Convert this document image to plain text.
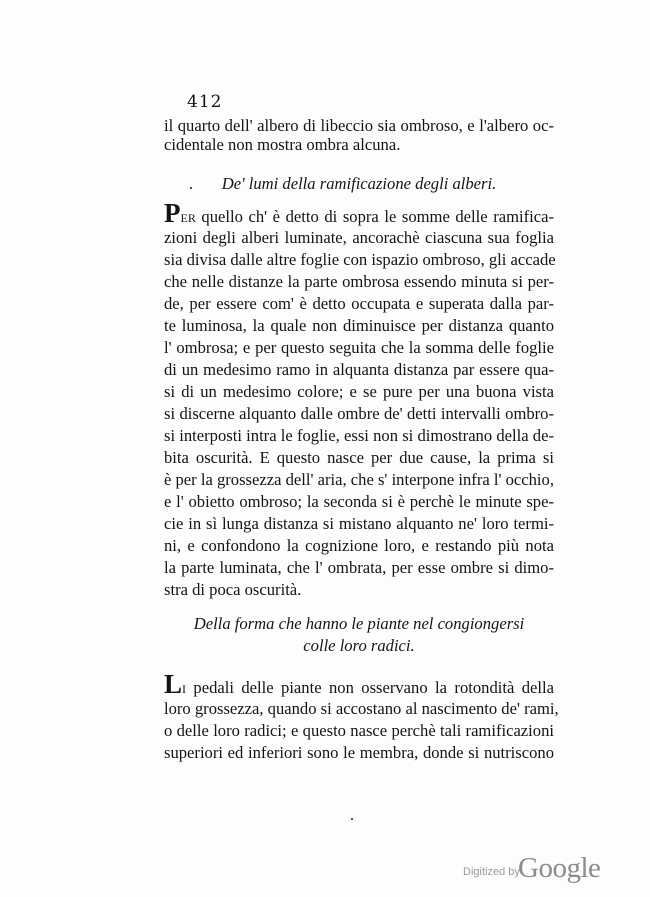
412
il quarto dell' albero di libeccio sia ombroso, e l'albero oc-
cidentale non mostra ombra alcuna.
De' lumi della ramificazione degli alberi.
PER quello ch' è detto di sopra le somme delle ramifica-
zioni degli alberi luminate, ancorachè ciascuna sua foglia
sia divisa dalle altre foglie con ispazio ombroso, gli accade
che nelle distanze la parte ombrosa essendo minuta si per-
de, per essere com' è detto occupata e superata dalla par-
te luminosa, la quale non diminuisce per distanza quanto
l' ombrosa; e per questo seguita che la somma delle foglie
di un medesimo ramo in alquanta distanza par essere qua-
si di un medesimo colore; e se pure per una buona vista
si discerne alquanto dalle ombre de' detti intervalli ombro-
si interposti intra le foglie, essi non si dimostrano della de-
bita oscurità. E questo nasce per due cause, la prima si
è per la grossezza dell' aria, che s' interpone infra l' occhio,
e l' obietto ombroso; la seconda si è perchè le minute spe-
cie in sì lunga distanza si mistano alquanto ne' loro termi-
ni, e confondono la cognizione loro, e restando più nota
la parte luminata, che l' ombrata, per esse ombre si dimo-
stra di poca oscurità.
Della forma che hanno le piante nel congiongersi
colle loro radici.
LI pedali delle piante non osservano la rotondità della
loro grossezza, quando si accostano al nascimento de' rami,
o delle loro radici; e questo nasce perchè tali ramificazioni
superiori ed inferiori sono le membra, donde si nutriscono
Digitized by
Google
